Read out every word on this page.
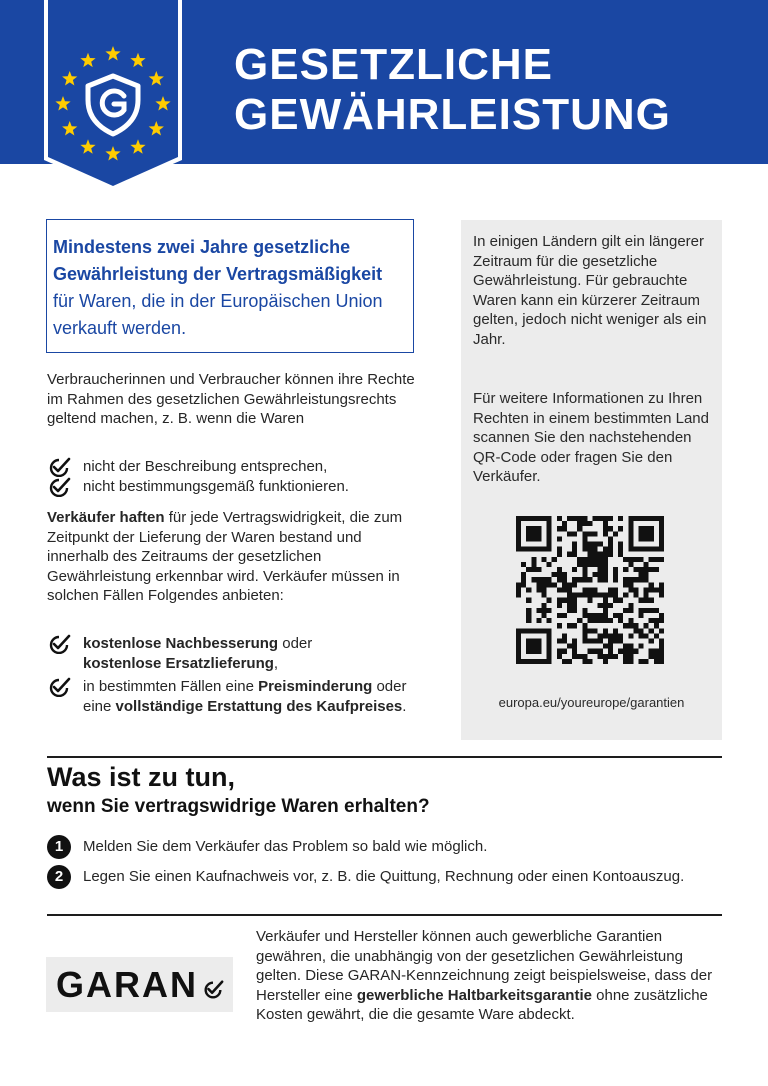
GESETZLICHE
GEWÄHRLEISTUNG
Mindestens zwei Jahre gesetzliche Gewährleistung der Vertragsmäßigkeit für Waren, die in der Europäischen Union verkauft werden.

Verbraucherinnen und Verbraucher können ihre Rechte im Rahmen des gesetzlichen Gewährleistungsrechts geltend machen, z. B. wenn die Waren

nicht der Beschreibung entsprechen,
nicht bestimmungsgemäß funktionieren.

Verkäufer haften für jede Vertragswidrigkeit, die zum Zeitpunkt der Lieferung der Waren bestand und innerhalb des Zeitraums der gesetzlichen Gewährleistung erkennbar wird. Verkäufer müssen in solchen Fällen Folgendes anbieten:

kostenlose Nachbesserung oder
kostenlose Ersatzlieferung,
in bestimmten Fällen eine Preisminderung oder eine vollständige Erstattung des Kaufpreises.

In einigen Ländern gilt ein längerer Zeitraum für die gesetzliche Gewährleistung. Für gebrauchte Waren kann ein kürzerer Zeitraum gelten, jedoch nicht weniger als ein Jahr.

Für weitere Informationen zu Ihren Rechten in einem bestimmten Land scannen Sie den nachstehenden QR-Code oder fragen Sie den Verkäufer.

europa.eu/youreurope/garantien
Was ist zu tun,
wenn Sie vertragswidrige Waren erhalten?
1	Melden Sie dem Verkäufer das Problem so bald wie möglich.
2	Legen Sie einen Kaufnachweis vor, z. B. die Quittung, Rechnung oder einen Kontoauszug.
GARAN

Verkäufer und Hersteller können auch gewerbliche Garantien gewähren, die unabhängig von der gesetzlichen Gewährleistung gelten. Diese GARAN-Kennzeichnung zeigt beispielsweise, dass der Hersteller eine gewerbliche Haltbarkeitsgarantie ohne zusätzliche Kosten gewährt, die die gesamte Ware abdeckt.
